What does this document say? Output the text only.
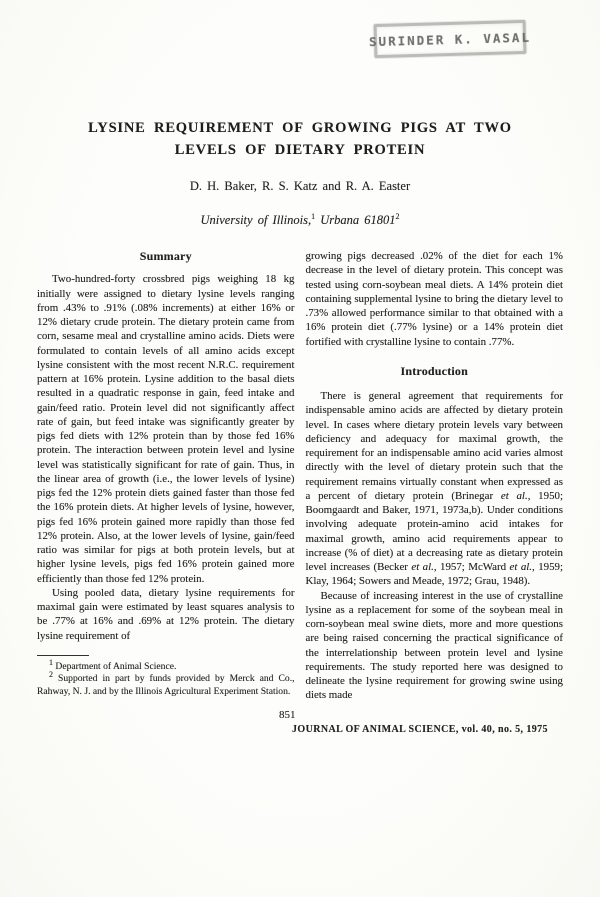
SURINDER K. VASAL
LYSINE REQUIREMENT OF GROWING PIGS AT TWO
LEVELS OF DIETARY PROTEIN
D. H. Baker, R. S. Katz and R. A. Easter
University of Illinois,$^1$ Urbana 61801$^2$
Summary

Two-hundred-forty crossbred pigs weighing 18 kg initially were assigned to dietary lysine levels ranging from .43% to .91% (.08% increments) at either 16% or 12% dietary crude protein. The dietary protein came from corn, sesame meal and crystalline amino acids. Diets were formulated to contain levels of all amino acids except lysine consistent with the most recent N.R.C. requirement pattern at 16% protein. Lysine addition to the basal diets resulted in a quadratic response in gain, feed intake and gain/feed ratio. Protein level did not significantly affect rate of gain, but feed intake was significantly greater by pigs fed diets with 12% protein than by those fed 16% protein. The interaction between protein level and lysine level was statistically significant for rate of gain. Thus, in the linear area of growth (i.e., the lower levels of lysine) pigs fed the 12% protein diets gained faster than those fed the 16% protein diets. At higher levels of lysine, however, pigs fed 16% protein gained more rapidly than those fed 12% protein. Also, at the lower levels of lysine, gain/feed ratio was similar for pigs at both protein levels, but at higher lysine levels, pigs fed 16% protein gained more efficiently than those fed 12% protein.

Using pooled data, dietary lysine requirements for maximal gain were estimated by least squares analysis to be .77% at 16% and .69% at 12% protein. The dietary lysine requirement of

$^1$ Department of Animal Science.

$^2$ Supported in part by funds provided by Merck and Co., Rahway, N. J. and by the Illinois Agricultural Experiment Station.

growing pigs decreased .02% of the diet for each 1% decrease in the level of dietary protein. This concept was tested using corn-soybean meal diets. A 14% protein diet containing supplemental lysine to bring the dietary level to .73% allowed performance similar to that obtained with a 16% protein diet (.77% lysine) or a 14% protein diet fortified with crystalline lysine to contain .77%.

Introduction

There is general agreement that requirements for indispensable amino acids are affected by dietary protein level. In cases where dietary protein levels vary between deficiency and adequacy for maximal growth, the requirement for an indispensable amino acid varies almost directly with the level of dietary protein such that the requirement remains virtually constant when expressed as a percent of dietary protein (Brinegar et al., 1950; Boomgaardt and Baker, 1971, 1973a,b). Under conditions involving adequate protein-amino acid intakes for maximal growth, amino acid requirements appear to increase (% of diet) at a decreasing rate as dietary protein level increases (Becker et al., 1957; McWard et al., 1959; Klay, 1964; Sowers and Meade, 1972; Grau, 1948).

Because of increasing interest in the use of crystalline lysine as a replacement for some of the soybean meal in corn-soybean meal swine diets, more and more questions are being raised concerning the practical significance of the interrelationship between protein level and lysine requirements. The study reported here was designed to delineate the lysine requirement for growing swine using diets made

851
JOURNAL OF ANIMAL SCIENCE, vol. 40, no. 5, 1975
